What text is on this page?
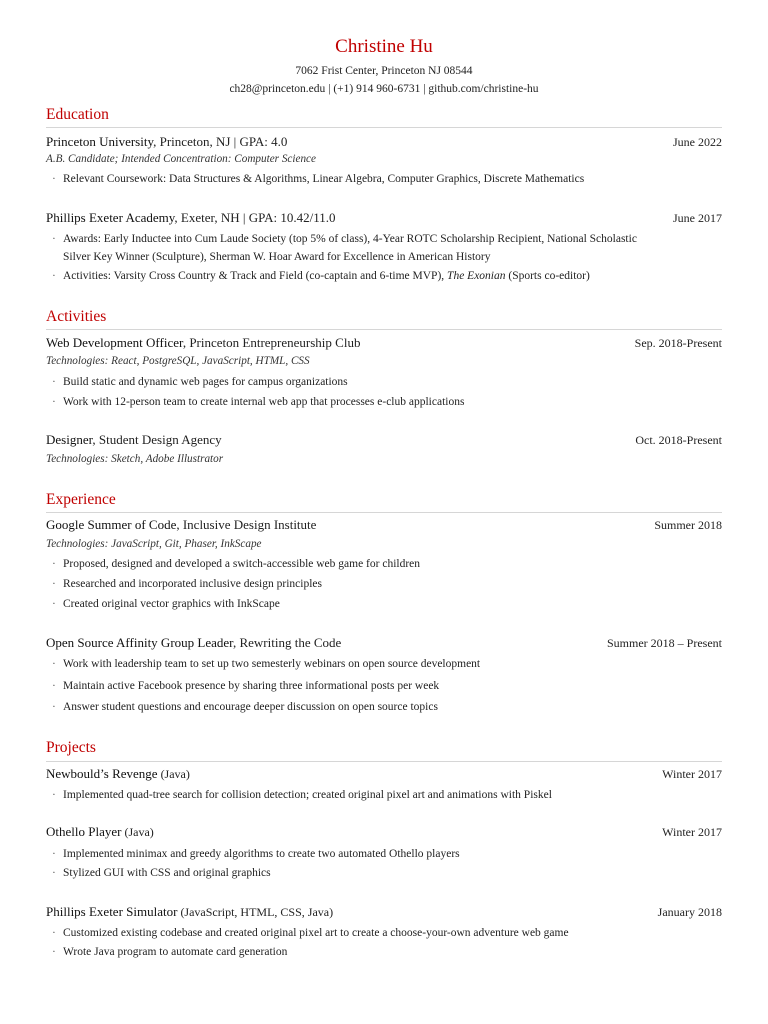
Christine Hu
7062 Frist Center, Princeton NJ 08544
ch28@princeton.edu | (+1) 914 960-6731 | github.com/christine-hu
Education
Princeton University, Princeton, NJ | GPA: 4.0	June 2022
A.B. Candidate; Intended Concentration: Computer Science
· Relevant Coursework: Data Structures & Algorithms, Linear Algebra, Computer Graphics, Discrete Mathematics
Phillips Exeter Academy, Exeter, NH | GPA: 10.42/11.0	June 2017
· Awards: Early Inductee into Cum Laude Society (top 5% of class), 4-Year ROTC Scholarship Recipient, National Scholastic
Silver Key Winner (Sculpture), Sherman W. Hoar Award for Excellence in American History
· Activities: Varsity Cross Country & Track and Field (co-captain and 6-time MVP), The Exonian (Sports co-editor)
Activities
Web Development Officer, Princeton Entrepreneurship Club	Sep. 2018-Present
Technologies: React, PostgreSQL, JavaScript, HTML, CSS
· Build static and dynamic web pages for campus organizations
· Work with 12-person team to create internal web app that processes e-club applications
Designer, Student Design Agency	Oct. 2018-Present
Technologies: Sketch, Adobe Illustrator
Experience
Google Summer of Code, Inclusive Design Institute	Summer 2018
Technologies: JavaScript, Git, Phaser, InkScape
· Proposed, designed and developed a switch-accessible web game for children
· Researched and incorporated inclusive design principles
· Created original vector graphics with InkScape
Open Source Affinity Group Leader, Rewriting the Code	Summer 2018 – Present
· Work with leadership team to set up two semesterly webinars on open source development
· Maintain active Facebook presence by sharing three informational posts per week
· Answer student questions and encourage deeper discussion on open source topics
Projects
Newbould’s Revenge (Java)	Winter 2017
· Implemented quad-tree search for collision detection; created original pixel art and animations with Piskel
Othello Player (Java)	Winter 2017
· Implemented minimax and greedy algorithms to create two automated Othello players
· Stylized GUI with CSS and original graphics
Phillips Exeter Simulator (JavaScript, HTML, CSS, Java)	January 2018
· Customized existing codebase and created original pixel art to create a choose-your-own adventure web game
· Wrote Java program to automate card generation
